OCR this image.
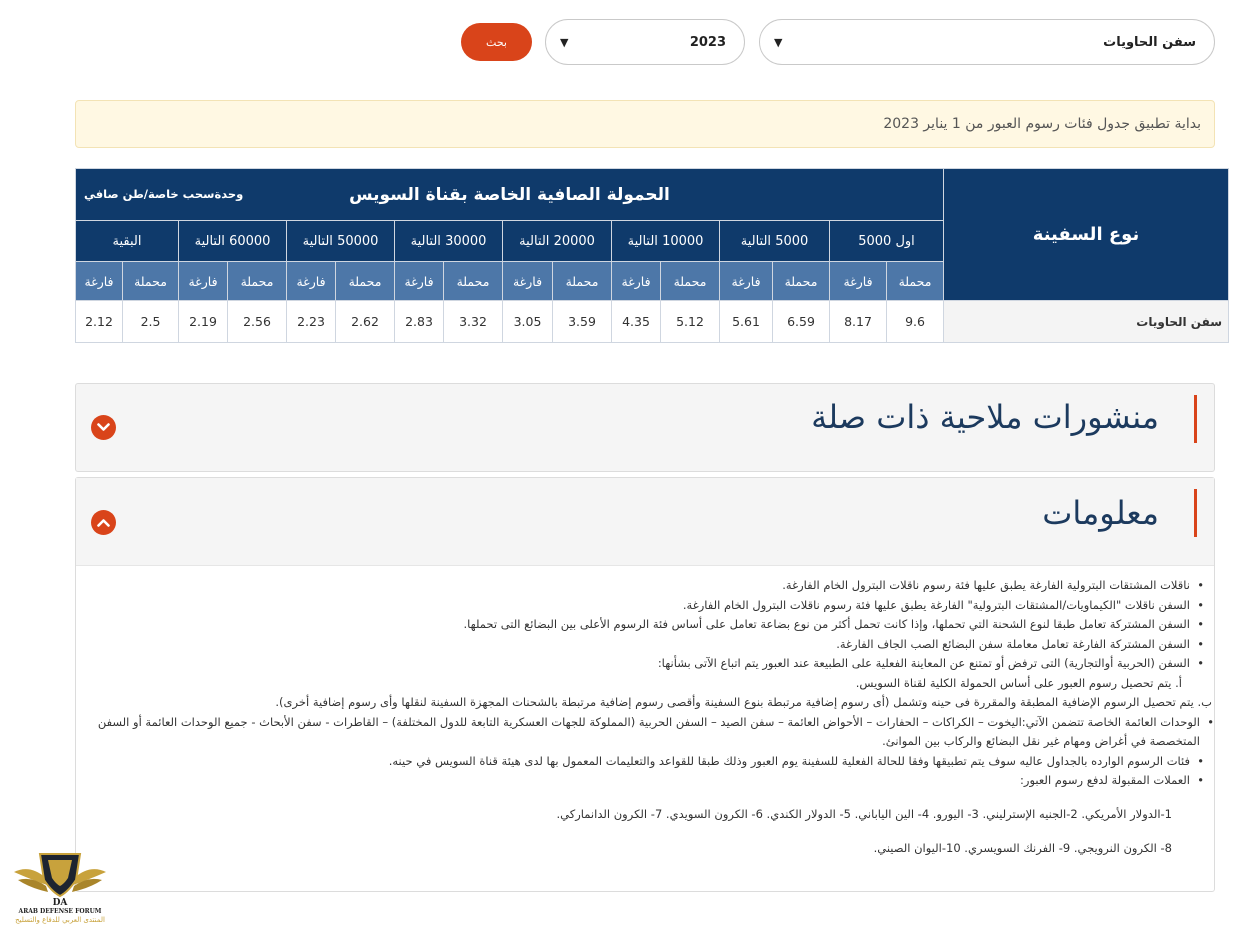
▼	سفن الحاويات
▼	2023
بحث
بداية تطبيق جدول فئات رسوم العبور من 1 يناير 2023
نوع السفينة	الحمولة الصافية الخاصة بقناة السويس
وحدةسحب خاصة/طن صافي															

	اول 5000		5000 التالية		10000 التالية		20000 التالية		30000 التالية		50000 التالية		60000 التالية		البقية	
	محملة	فارغة	محملة	فارغة	محملة	فارغة	محملة	فارغة	محملة	فارغة	محملة	فارغة	محملة	فارغة	محملة	فارغة
سفن الحاويات	9.6	8.17	6.59	5.61	5.12	4.35	3.59	3.05	3.32	2.83	2.62	2.23	2.56	2.19	2.5	2.12
منشورات ملاحية ذات صلة
معلومات
• ناقلات المشتقات البترولية الفارغة يطبق عليها فئة رسوم ناقلات البترول الخام الفارغة.
• السفن ناقلات "الكيماويات/المشتقات البترولية" الفارغة يطبق عليها فئة رسوم ناقلات البترول الخام الفارغة.
• السفن المشتركة تعامل طبقا لنوع الشحنة التي تحملها، وإذا كانت تحمل أكثر من نوع بضاعة تعامل على أساس فئة الرسوم الأعلى بين البضائع التى تحملها.
• السفن المشتركة الفارغة تعامل معاملة سفن البضائع الصب الجاف الفارغة.
• السفن (الحربية أوالتجارية) التى ترفض أو تمتنع عن المعاينة الفعلية على الطبيعة عند العبور يتم اتباع الآتى بشأنها:
أ. يتم تحصيل رسوم العبور على أساس الحمولة الكلية لقناة السويس.
ب. يتم تحصيل الرسوم الإضافية المطبقة والمقررة فى حينه وتشمل (أى رسوم إضافية مرتبطة بنوع السفينة وأقصى رسوم إضافية مرتبطة بالشحنات المجهزة السفينة لنقلها وأى رسوم إضافية أخرى).
• الوحدات العائمة الخاصة تتضمن الآتي:اليخوت – الكراكات – الحفارات – الأحواض العائمة – سفن الصيد – السفن الحربية (المملوكة للجهات العسكرية التابعة للدول المختلفة) – القاطرات - سفن الأبحاث - جميع الوحدات العائمة أو السفن المتخصصة في أغراض ومهام غير نقل البضائع والركاب بين الموانئ.
• فئات الرسوم الوارده بالجداول عاليه سوف يتم تطبيقها وفقا للحالة الفعلية للسفينة يوم العبور وذلك طبقا للقواعد والتعليمات المعمول بها لدى هيئة قناة السويس في حينه.
• العملات المقبولة لدفع رسوم العبور:
1-الدولار الأمريكي. 2-الجنيه الإسترليني. 3- اليورو. 4- الين الياباني. 5- الدولار الكندي. 6- الكرون السويدي. 7- الكرون الدانماركي.
8- الكرون النرويجي. 9- الفرنك السويسري. 10-اليوان الصيني.
DA
ARAB DEFENSE FORUM
المنتدى العربي للدفاع والتسليح
